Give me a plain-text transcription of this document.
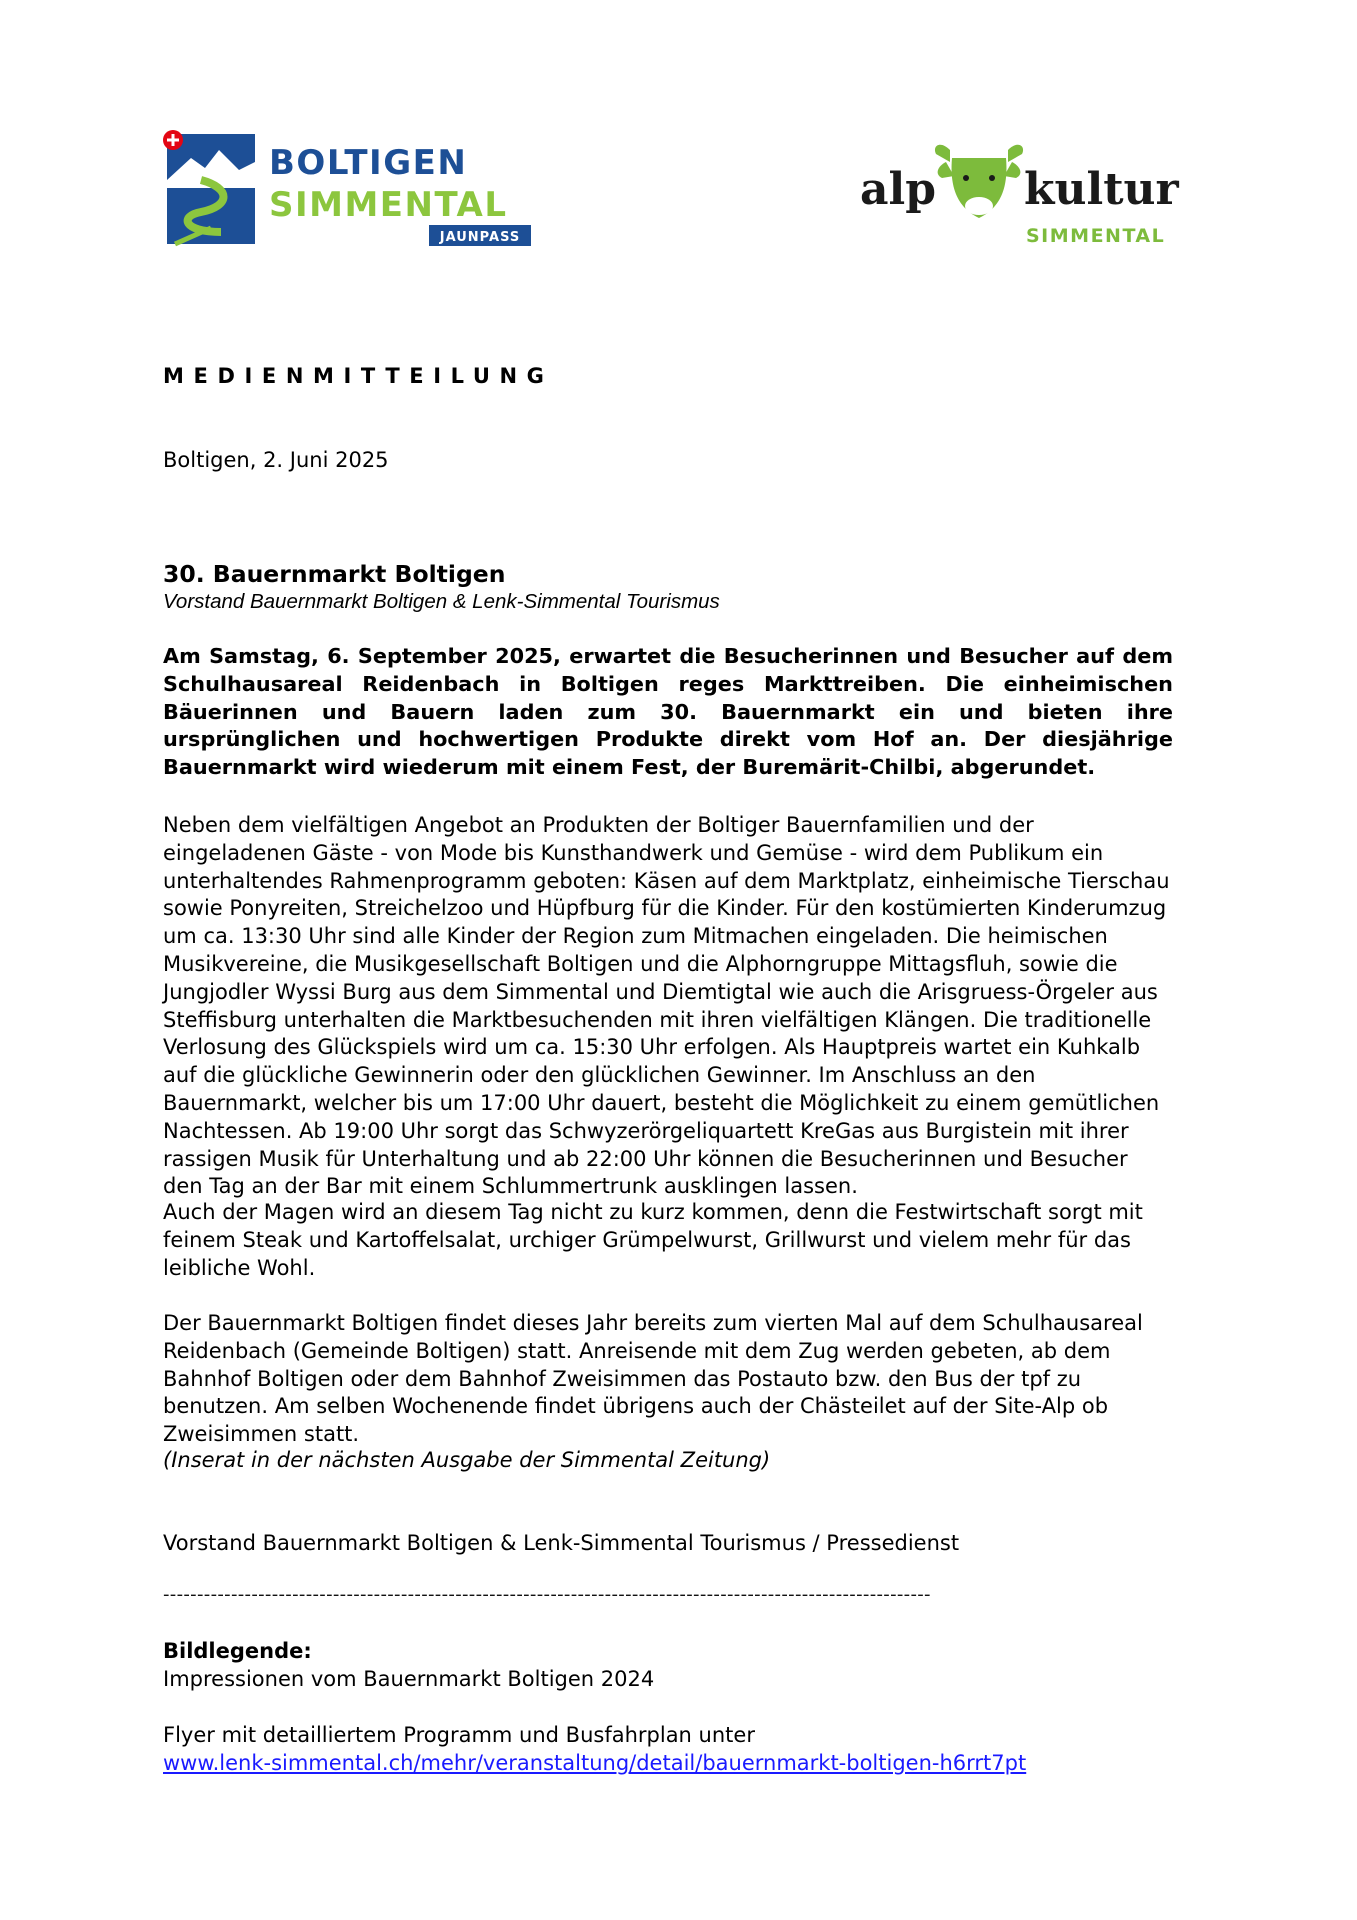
BOLTIGEN
SIMMENTAL
JAUNPASS
alp kultur
SIMMENTAL
MEDIENMITTEILUNG
Boltigen, 2. Juni 2025
30. Bauernmarkt Boltigen
Vorstand Bauernmarkt Boltigen & Lenk-Simmental Tourismus
Am Samstag, 6. September 2025, erwartet die Besucherinnen und Besucher auf dem Schulhausareal Reidenbach in Boltigen reges Markttreiben. Die einheimischen Bäuerinnen und Bauern laden zum 30. Bauernmarkt ein und bieten ihre ursprünglichen und hochwertigen Produkte direkt vom Hof an. Der diesjährige Bauernmarkt wird wiederum mit einem Fest, der Buremärit-Chilbi, abgerundet.
Neben dem vielfältigen Angebot an Produkten der Boltiger Bauernfamilien und der eingeladenen Gäste - von Mode bis Kunsthandwerk und Gemüse - wird dem Publikum ein unterhaltendes Rahmenprogramm geboten: Käsen auf dem Marktplatz, einheimische Tierschau sowie Ponyreiten, Streichelzoo und Hüpfburg für die Kinder. Für den kostümierten Kinderumzug um ca. 13:30 Uhr sind alle Kinder der Region zum Mitmachen eingeladen. Die heimischen Musikvereine, die Musikgesellschaft Boltigen und die Alphorngruppe Mittagsfluh, sowie die Jungjodler Wyssi Burg aus dem Simmental und Diemtigtal wie auch die Arisgruess-Örgeler aus Steffisburg unterhalten die Marktbesuchenden mit ihren vielfältigen Klängen. Die traditionelle Verlosung des Glückspiels wird um ca. 15:30 Uhr erfolgen. Als Hauptpreis wartet ein Kuhkalb auf die glückliche Gewinnerin oder den glücklichen Gewinner. Im Anschluss an den Bauernmarkt, welcher bis um 17:00 Uhr dauert, besteht die Möglichkeit zu einem gemütlichen Nachtessen. Ab 19:00 Uhr sorgt das Schwyzerörgeliquartett KreGas aus Burgistein mit ihrer rassigen Musik für Unterhaltung und ab 22:00 Uhr können die Besucherinnen und Besucher den Tag an der Bar mit einem Schlummertrunk ausklingen lassen.
Auch der Magen wird an diesem Tag nicht zu kurz kommen, denn die Festwirtschaft sorgt mit feinem Steak und Kartoffelsalat, urchiger Grümpelwurst, Grillwurst und vielem mehr für das leibliche Wohl.
Der Bauernmarkt Boltigen findet dieses Jahr bereits zum vierten Mal auf dem Schulhausareal Reidenbach (Gemeinde Boltigen) statt. Anreisende mit dem Zug werden gebeten, ab dem Bahnhof Boltigen oder dem Bahnhof Zweisimmen das Postauto bzw. den Bus der tpf zu benutzen. Am selben Wochenende findet übrigens auch der Chästeilet auf der Site-Alp ob Zweisimmen statt.
(Inserat in der nächsten Ausgabe der Simmental Zeitung)
Vorstand Bauernmarkt Boltigen & Lenk-Simmental Tourismus / Pressedienst
-----------------------------------------------------------------------------------------------------------------
Bildlegende:
Impressionen vom Bauernmarkt Boltigen 2024
Flyer mit detailliertem Programm und Busfahrplan unter
www.lenk-simmental.ch/mehr/veranstaltung/detail/bauernmarkt-boltigen-h6rrt7pt
